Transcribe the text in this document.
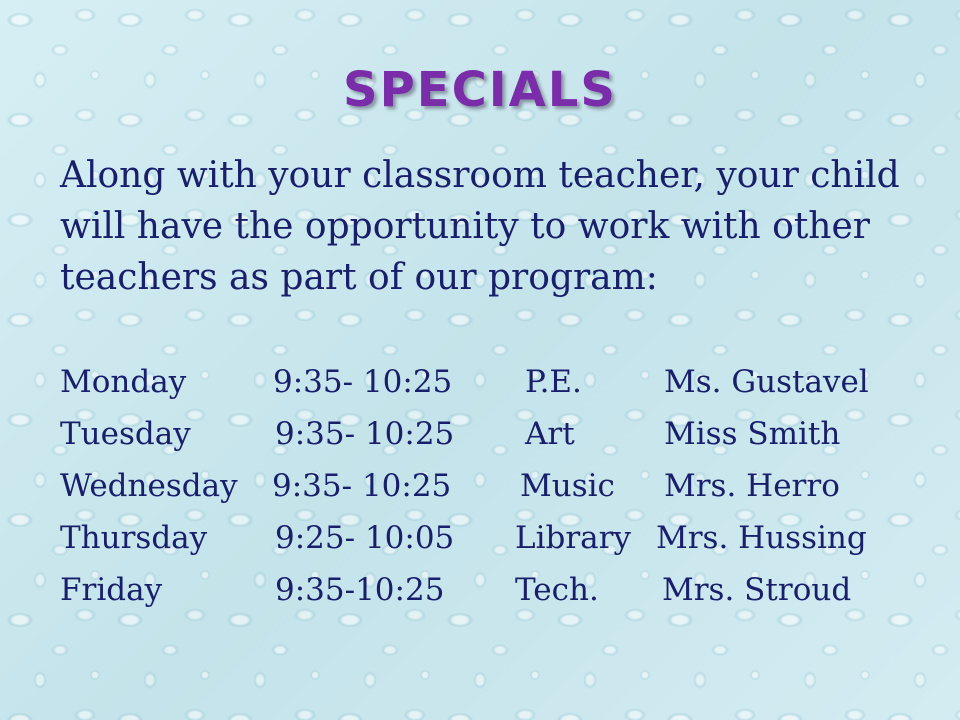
SPECIALS

Along with your classroom teacher, your child will have the opportunity to work with other teachers as part of our program:

Monday	9:35- 10:25 P.E.	Ms. Gustavel
Tuesday	9:35- 10:25 Art	Miss Smith
Wednesday 9:35- 10:25 Music Mrs. Herro
Thursday 9:25- 10:05 Library Mrs. Hussing
Friday	9:35-10:25 Tech. Mrs. Stroud
